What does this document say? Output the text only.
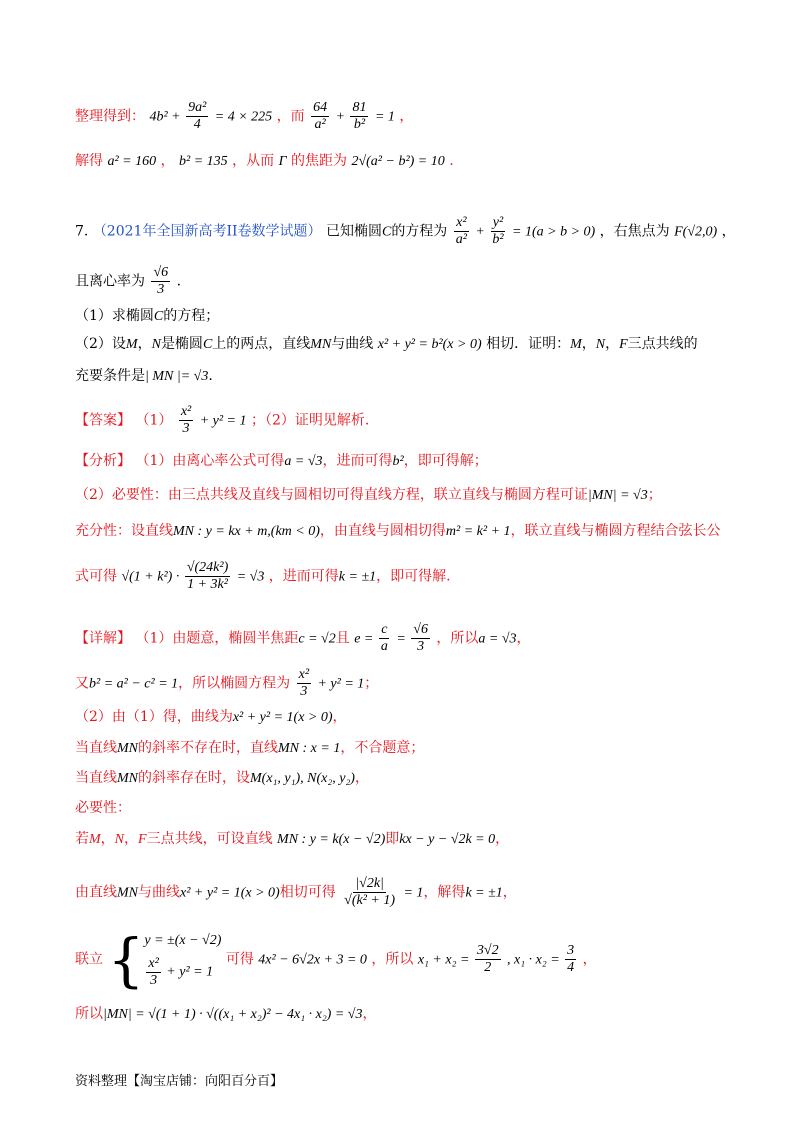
整理得到： $4b^2 + \frac{\text{9a²}}{4} = 4 \times 225$ ，而 $\frac{64}{\text{a²}} + \frac{81}{\text{b²}} = 1$ ，
解得 a² = 160 ， b² = 135 ，从而 Γ 的焦距为 2√(a² − b²) = 10 .
7. （2021年全国新高考II卷数学试题） 已知椭圆C的方程为 $\frac{\text{x²}}{\text{a²}} + \frac{\text{y²}}{\text{b²}} = 1(a > b > 0)$ ，右焦点为 F(√2,0) ，
且离心率为 $\frac{√6}{3}$ .
（1）求椭圆C的方程；
（2）设M，N是椭圆C上的两点，直线MN与曲线 x² + y² = b²(x > 0) 相切．证明：M，N，F三点共线的
充要条件是| MN |= √3.
【答案】 $(1) \frac{\text{x²}}{3} + y^2 = 1$ ；（2）证明见解析.
【分析】 （1）由离心率公式可得a = √3，进而可得b²，即可得解；
（2）必要性：由三点共线及直线与圆相切可得直线方程，联立直线与椭圆方程可证|MN| = √3；
充分性：设直线MN : y = kx + m,(km < 0)，由直线与圆相切得m² = k² + 1，联立直线与椭圆方程结合弦长公
式可得 $√(1 + k^2) \cdot \frac{\text{√(24k²)}}{\text{1 + 3k²}} = √3$ ，进而可得k = ±1，即可得解.
【详解】 （1）由题意，椭圆半焦距c = √2且 $e = \frac{c}{a} = \frac{√6}{3}$ ，所以a = √3，
又b² = a² − c² = 1，所以椭圆方程为 $\frac{\text{x²}}{3} + y^2 = 1$；
（2）由（1）得，曲线为x² + y² = 1(x > 0)，
当直线MN的斜率不存在时，直线MN : x = 1，不合题意；
当直线MN的斜率存在时，设M(x₁, y₁), N(x₂, y₂)，
必要性：
若M，N，F三点共线，可设直线 MN : y = k(x − √2)即kx − y − √2k = 0，
由直线MN与曲线x² + y² = 1(x > 0)相切可得 $\frac{|√2k|}{\text{√(k² + 1)}} = 1$，解得k = ±1，
联立 { y = ±(x − √2)
$\frac{\text{x²}}{3} + y^2 = 1$
可得 4x² − 6√2x + 3 = 0 ，所以 $x_1 + x_2 = \frac{3√2}{2}$ , $x_1 \cdot x_2 = \frac{3}{4}$ ，
所以|MN| = √(1 + 1) · √((x₁ + x₂)² − 4x₁ · x₂) = √3，
资料整理【淘宝店铺：向阳百分百】
